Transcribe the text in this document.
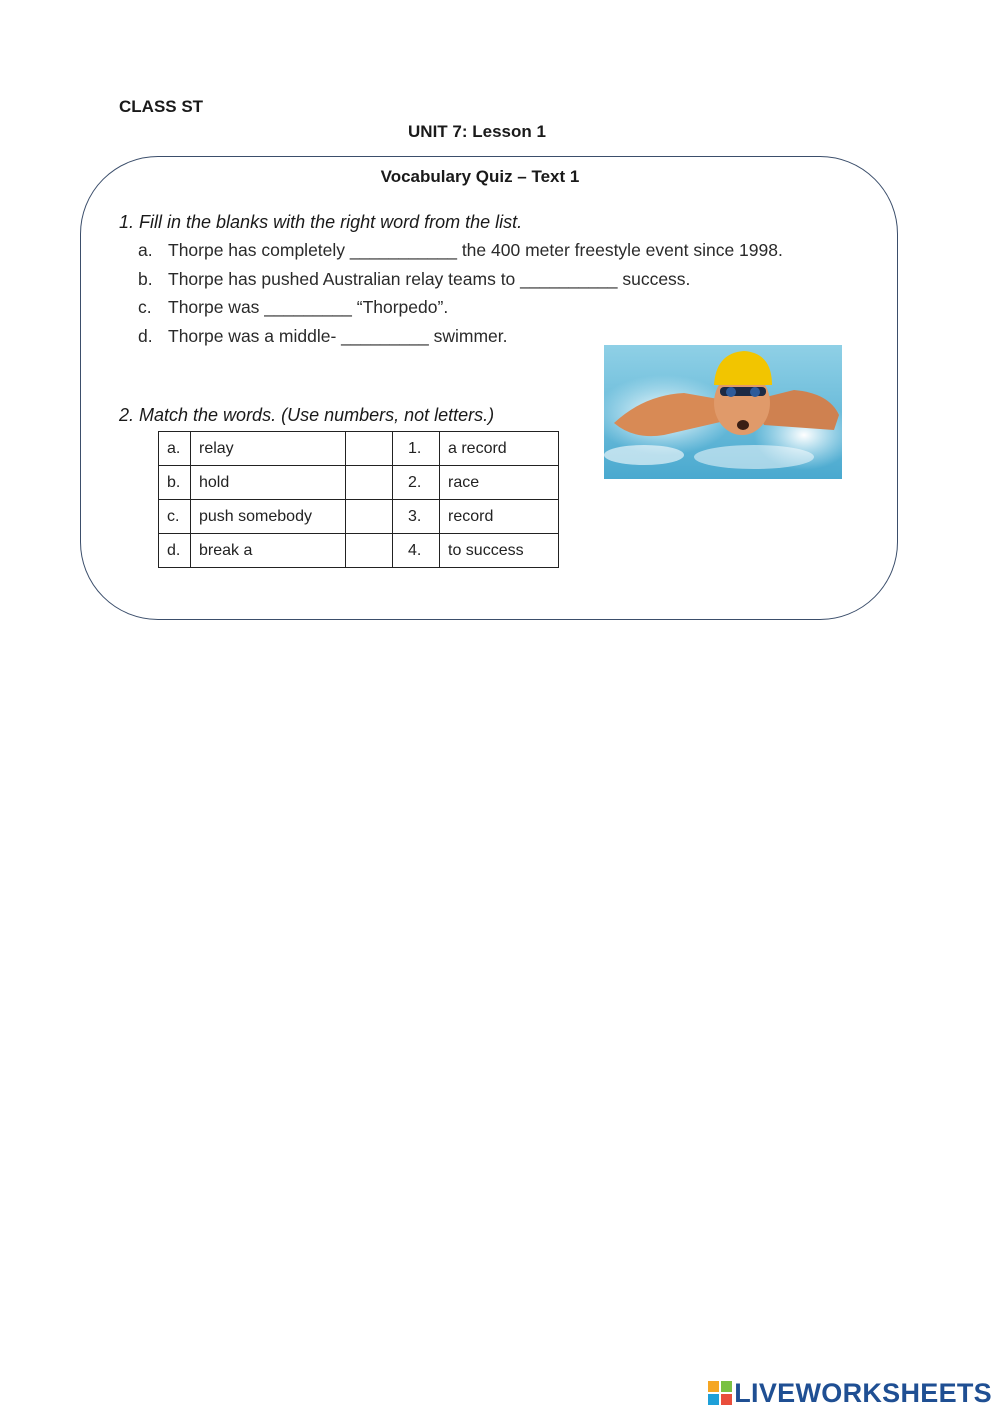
CLASS ST
UNIT 7: Lesson 1
Vocabulary Quiz – Text 1
1. Fill in the blanks with the right word from the list.
a. Thorpe has completely ___________ the 400 meter freestyle event since 1998.
b. Thorpe has pushed Australian relay teams to __________ success.
c. Thorpe was _________ “Thorpedo”.
d. Thorpe was a middle- _________ swimmer.
2. Match the words. (Use numbers, not letters.)
a.	relay		1.	a record
b.	hold		2.	race
c.	push somebody		3.	record
d.	break a		4.	to success
LIVEWORKSHEETS
